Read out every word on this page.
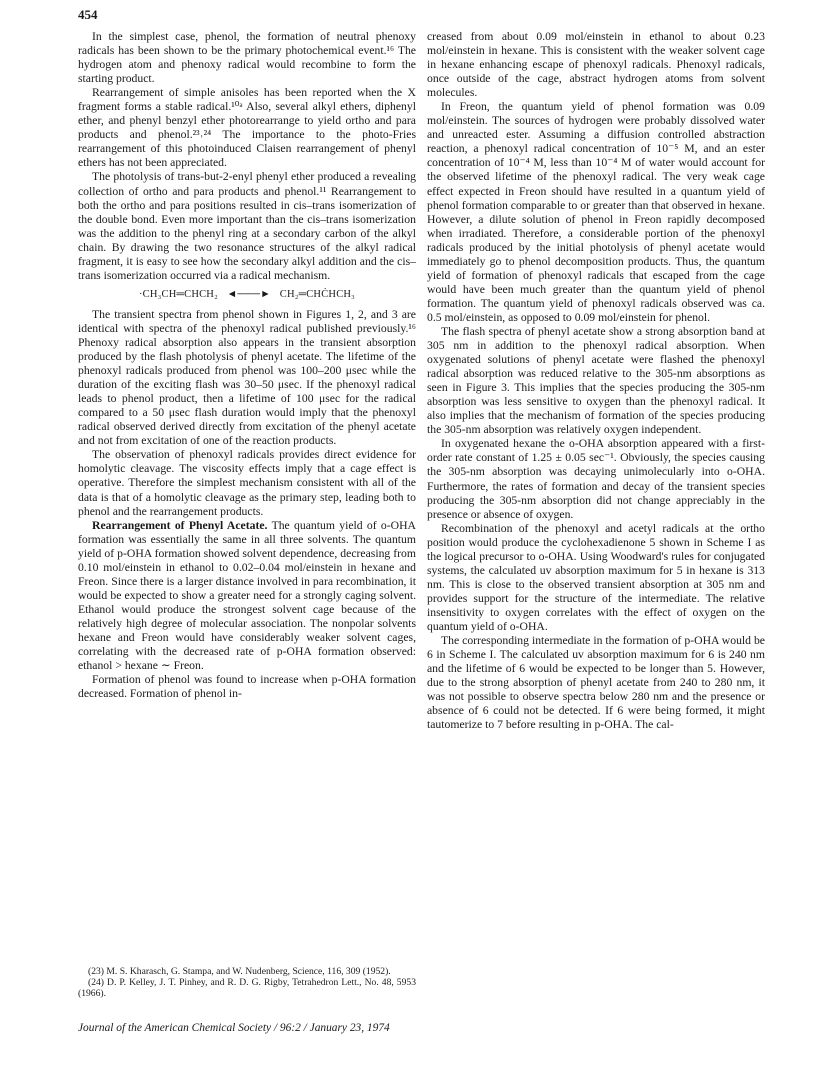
454

In the simplest case, phenol, the formation of neutral phenoxy radicals has been shown to be the primary photochemical event.¹⁶ The hydrogen atom and phenoxy radical would recombine to form the starting product.

Rearrangement of simple anisoles has been reported when the X fragment forms a stable radical.¹⁰ᵃ Also, several alkyl ethers, diphenyl ether, and phenyl benzyl ether photorearrange to yield ortho and para products and phenol.²³˒²⁴ The importance to the photo-Fries rearrangement of this photoinduced Claisen rearrangement of phenyl ethers has not been appreciated.

The photolysis of trans-but-2-enyl phenyl ether produced a revealing collection of ortho and para products and phenol.¹¹ Rearrangement to both the ortho and para positions resulted in cis–trans isomerization of the double bond. Even more important than the cis–trans isomerization was the addition to the phenyl ring at a secondary carbon of the alkyl chain. By drawing the two resonance structures of the alkyl radical fragment, it is easy to see how the secondary alkyl addition and the cis–trans isomerization occurred via a radical mechanism.

·CH₃CH═CHCH₂ ◄───► CH₂═CHĊHCH₃

The transient spectra from phenol shown in Figures 1, 2, and 3 are identical with spectra of the phenoxyl radical published previously.¹⁶ Phenoxy radical absorption also appears in the transient absorption produced by the flash photolysis of phenyl acetate. The lifetime of the phenoxyl radicals produced from phenol was 100–200 μsec while the duration of the exciting flash was 30–50 μsec. If the phenoxyl radical leads to phenol product, then a lifetime of 100 μsec for the radical compared to a 50 μsec flash duration would imply that the phenoxyl radical observed derived directly from excitation of the phenyl acetate and not from excitation of one of the reaction products.

The observation of phenoxyl radicals provides direct evidence for homolytic cleavage. The viscosity effects imply that a cage effect is operative. Therefore the simplest mechanism consistent with all of the data is that of a homolytic cleavage as the primary step, leading both to phenol and the rearrangement products.

Rearrangement of Phenyl Acetate. The quantum yield of o-OHA formation was essentially the same in all three solvents. The quantum yield of p-OHA formation showed solvent dependence, decreasing from 0.10 mol/einstein in ethanol to 0.02–0.04 mol/einstein in hexane and Freon. Since there is a larger distance involved in para recombination, it would be expected to show a greater need for a strongly caging solvent. Ethanol would produce the strongest solvent cage because of the relatively high degree of molecular association. The nonpolar solvents hexane and Freon would have considerably weaker solvent cages, correlating with the decreased rate of p-OHA formation observed: ethanol > hexane ∼ Freon.

Formation of phenol was found to increase when p-OHA formation decreased. Formation of phenol in-

(23) M. S. Kharasch, G. Stampa, and W. Nudenberg, Science, 116, 309 (1952).

(24) D. P. Kelley, J. T. Pinhey, and R. D. G. Rigby, Tetrahedron Lett., No. 48, 5953 (1966).

creased from about 0.09 mol/einstein in ethanol to about 0.23 mol/einstein in hexane. This is consistent with the weaker solvent cage in hexane enhancing escape of phenoxyl radicals. Phenoxyl radicals, once outside of the cage, abstract hydrogen atoms from solvent molecules.

In Freon, the quantum yield of phenol formation was 0.09 mol/einstein. The sources of hydrogen were probably dissolved water and unreacted ester. Assuming a diffusion controlled abstraction reaction, a phenoxyl radical concentration of 10⁻⁵ M, and an ester concentration of 10⁻⁴ M, less than 10⁻⁴ M of water would account for the observed lifetime of the phenoxyl radical. The very weak cage effect expected in Freon should have resulted in a quantum yield of phenol formation comparable to or greater than that observed in hexane. However, a dilute solution of phenol in Freon rapidly decomposed when irradiated. Therefore, a considerable portion of the phenoxyl radicals produced by the initial photolysis of phenyl acetate would immediately go to phenol decomposition products. Thus, the quantum yield of formation of phenoxyl radicals that escaped from the cage would have been much greater than the quantum yield of phenol formation. The quantum yield of phenoxyl radicals observed was ca. 0.5 mol/einstein, as opposed to 0.09 mol/einstein for phenol.

The flash spectra of phenyl acetate show a strong absorption band at 305 nm in addition to the phenoxyl radical absorption. When oxygenated solutions of phenyl acetate were flashed the phenoxyl radical absorption was reduced relative to the 305-nm absorptions as seen in Figure 3. This implies that the species producing the 305-nm absorption was less sensitive to oxygen than the phenoxyl radical. It also implies that the mechanism of formation of the species producing the 305-nm absorption was relatively oxygen independent.

In oxygenated hexane the o-OHA absorption appeared with a first-order rate constant of 1.25 ± 0.05 sec⁻¹. Obviously, the species causing the 305-nm absorption was decaying unimolecularly into o-OHA. Furthermore, the rates of formation and decay of the transient species producing the 305-nm absorption did not change appreciably in the presence or absence of oxygen.

Recombination of the phenoxyl and acetyl radicals at the ortho position would produce the cyclohexadienone 5 shown in Scheme I as the logical precursor to o-OHA. Using Woodward's rules for conjugated systems, the calculated uv absorption maximum for 5 in hexane is 313 nm. This is close to the observed transient absorption at 305 nm and provides support for the structure of the intermediate. The relative insensitivity to oxygen correlates with the effect of oxygen on the quantum yield of o-OHA.

The corresponding intermediate in the formation of p-OHA would be 6 in Scheme I. The calculated uv absorption maximum for 6 is 240 nm and the lifetime of 6 would be expected to be longer than 5. However, due to the strong absorption of phenyl acetate from 240 to 280 nm, it was not possible to observe spectra below 280 nm and the presence or absence of 6 could not be detected. If 6 were being formed, it might tautomerize to 7 before resulting in p-OHA. The cal-

Journal of the American Chemical Society / 96:2 / January 23, 1974
